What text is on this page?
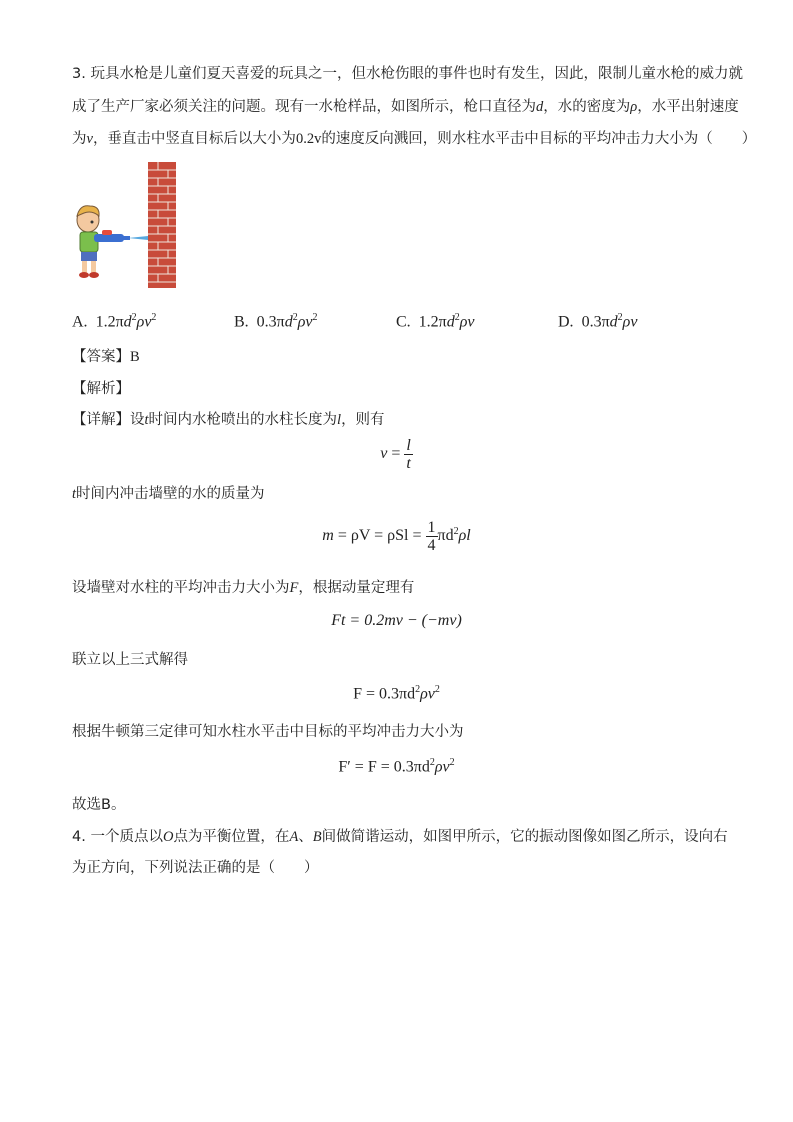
3. 玩具水枪是儿童们夏天喜爱的玩具之一，但水枪伤眼的事件也时有发生，因此，限制儿童水枪的威力就
成了生产厂家必须关注的问题。现有一水枪样品，如图所示，枪口直径为d，水的密度为ρ，水平出射速度
为v，垂直击中竖直目标后以大小为0.2v的速度反向溅回，则水柱水平击中目标的平均冲击力大小为（　　）
A. $1.2\pi d^2\rho v^2$	B. $0.3\pi d^2\rho v^2$	C. $1.2\pi d^2\rho v$	D. $0.3\pi d^2\rho v$
【答案】B
【解析】
【详解】设t时间内水枪喷出的水柱长度为l，则有
$v = \frac{l}{t}$
t时间内冲击墙壁的水的质量为
$m = \rho V = \rho Sl = \frac{1}{4} \pi d^2\rho l$
设墙壁对水柱的平均冲击力大小为F，根据动量定理有
Ft = 0.2mv − (−mv)
联立以上三式解得
$F = 0.3\pi d^2\rho v^2$
根据牛顿第三定律可知水柱水平击中目标的平均冲击力大小为
$F' = F = 0.3\pi d^2\rho v^2$
故选B。
4. 一个质点以O点为平衡位置，在A、B间做简谐运动，如图甲所示，它的振动图像如图乙所示，设向右
为正方向，下列说法正确的是（　　）
